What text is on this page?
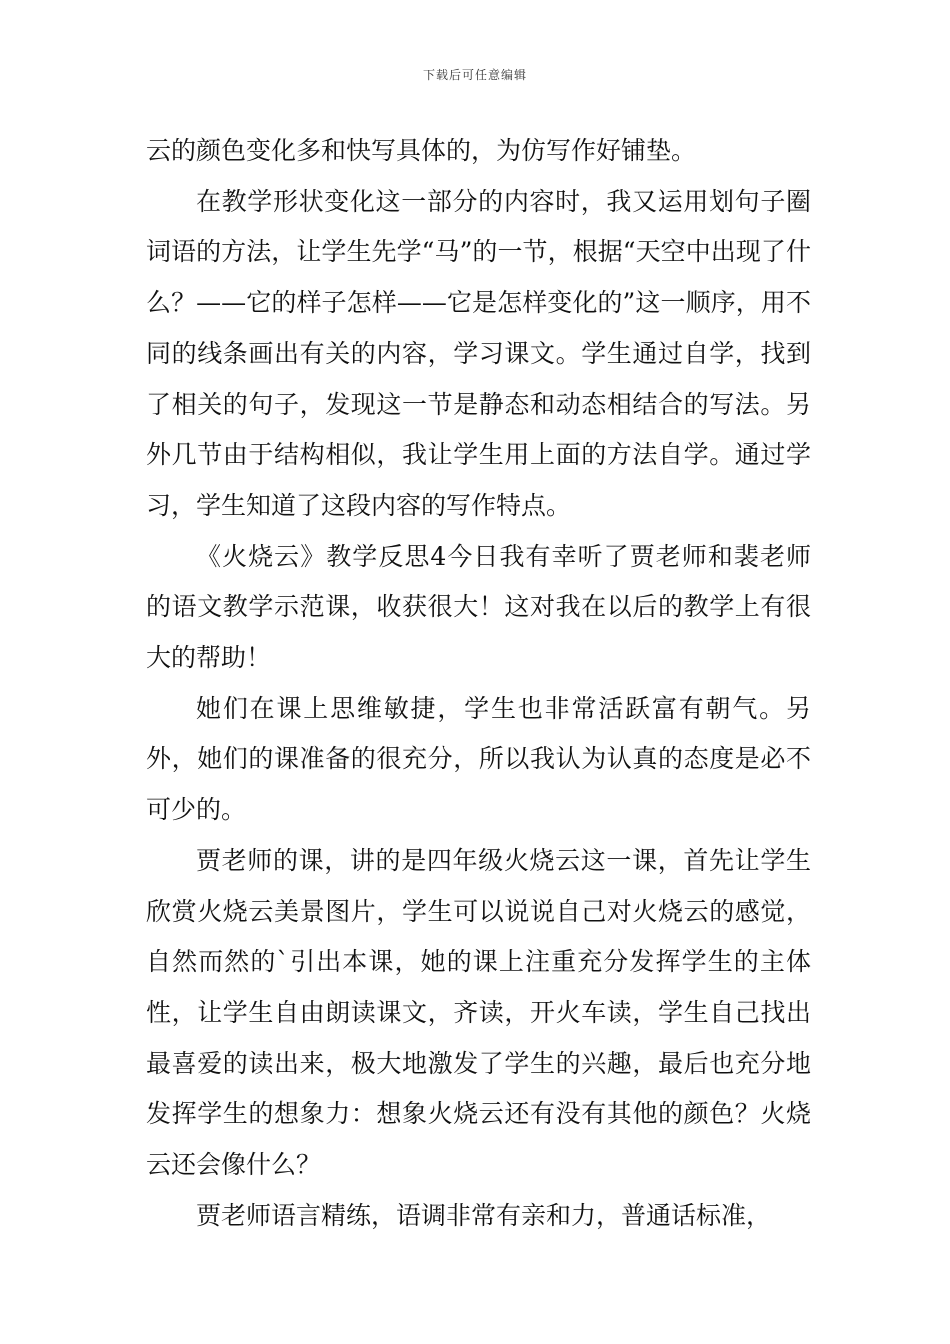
下载后可任意编辑

云的颜色变化多和快写具体的，为仿写作好铺垫。

在教学形状变化这一部分的内容时，我又运用划句子圈词语的方法，让学生先学“马”的一节，根据“天空中出现了什么？——它的样子怎样——它是怎样变化的”这一顺序，用不同的线条画出有关的内容，学习课文。学生通过自学，找到了相关的句子，发现这一节是静态和动态相结合的写法。另外几节由于结构相似，我让学生用上面的方法自学。通过学习，学生知道了这段内容的写作特点。

《火烧云》教学反思4今日我有幸听了贾老师和裴老师的语文教学示范课，收获很大！这对我在以后的教学上有很大的帮助！

她们在课上思维敏捷，学生也非常活跃富有朝气。另外，她们的课准备的很充分，所以我认为认真的态度是必不可少的。

贾老师的课，讲的是四年级火烧云这一课，首先让学生欣赏火烧云美景图片，学生可以说说自己对火烧云的感觉，自然而然的`引出本课，她的课上注重充分发挥学生的主体性，让学生自由朗读课文，齐读，开火车读，学生自己找出最喜爱的读出来，极大地激发了学生的兴趣，最后也充分地发挥学生的想象力：想象火烧云还有没有其他的颜色？火烧云还会像什么？

贾老师语言精练，语调非常有亲和力，普通话标准，
